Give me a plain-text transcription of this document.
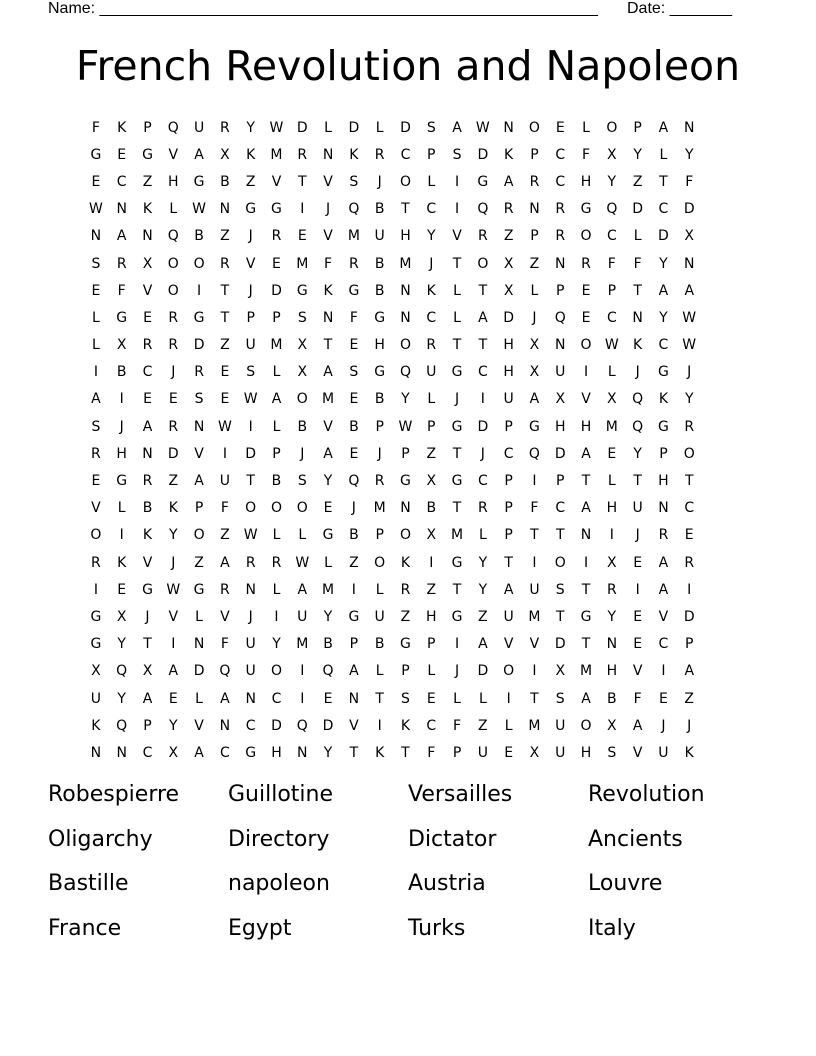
Name: ________________________________________________________ Date: _______
French Revolution and Napoleon
F	K	P	Q	U	R	Y	W D	L	D	L	D	S	A	W N	O	E	L	O	P	A	N
G	E	G	V	A	X	K	M	R	N	K	R	C	P	S	D	K	P	C	F	X	Y	L	Y
E	C	Z	H	G	B	Z	V	T	V	S	J	O	L	I	G	A	R	C	H	Y	Z	T	F
W N	K	L	W N	G	G	I	J	Q	B	T	C	I	Q	R	N	R	G	Q	D	C	D
N	A	N	Q	B	Z	J	R	E	V	M	U	H	Y	V	R	Z	P	R	O	C	L	D	X
S	R	X	O	O	R	V	E	M	F	R	B	M	J	T	O	X	Z	N	R	F	F	Y	N
E	F	V	O	I	T	J	D	G	K	G	B	N	K	L	T	X	L	P	E	P	T	A	A
L	G	E	R	G	T	P	P	S	N	F	G	N	C	L	A	D	J	Q	E	C	N	Y	W
L	X	R	R	D	Z	U	M	X	T	E	H	O	R	T	T	H	X	N	O W	K	C W
I	B	C	J	R	E	S	L	X	A	S	G	Q	U	G	C	H	X	U	I	L	J	G	J
A	I	E	E	S	E	W	A	O	M	E	B	Y	L	J	I	U	A	X	V	X	Q	K	Y
S	J	A	R	N W	I	L	B	V	B	P	W	P	G	D	P	G	H	H	M	Q	G	R
R	H	N	D	V	I	D	P	J	A	E	J	P	Z	T	J	C	Q	D	A	E	Y	P	O
E	G	R	Z	A	U	T	B	S	Y	Q	R	G	X	G	C	P	I	P	T	L	T	H	T
V	L	B	K	P	F	O	O	O	E	J	M	N	B	T	R	P	F	C	A	H	U	N	C
O	I	K	Y	O	Z	W	L	L	G	B	P	O	X	M	L	P	T	T	N	I	J	R	E
R	K	V	J	Z	A	R	R	W	L	Z	O	K	I	G	Y	T	I	O	I	X	E	A	R
I	E	G W G	R	N	L	A	M	I	L	R	Z	T	Y	A	U	S	T	R	I	A	I
G	X	J	V	L	V	J	I	U	Y	G	U	Z	H	G	Z	U	M	T	G	Y	E	V	D
G	Y	T	I	N	F	U	Y	M	B	P	B	G	P	I	A	V	V	D	T	N	E	C	P
X	Q	X	A	D	Q	U	O	I	Q	A	L	P	L	J	D	O	I	X	M	H	V	I	A
U	Y	A	E	L	A	N	C	I	E	N	T	S	E	L	L	I	T	S	A	B	F	E	Z
K	Q	P	Y	V	N	C	D	Q	D	V	I	K	C	F	Z	L	M	U	O	X	A	J	J
N	N	C	X	A	C	G	H	N	Y	T	K	T	F	P	U	E	X	U	H	S	V	U	K
Robespierre	Guillotine	Versailles	Revolution
Oligarchy	Directory	Dictator	Ancients
Bastille	napoleon	Austria	Louvre
France	Egypt	Turks	Italy
